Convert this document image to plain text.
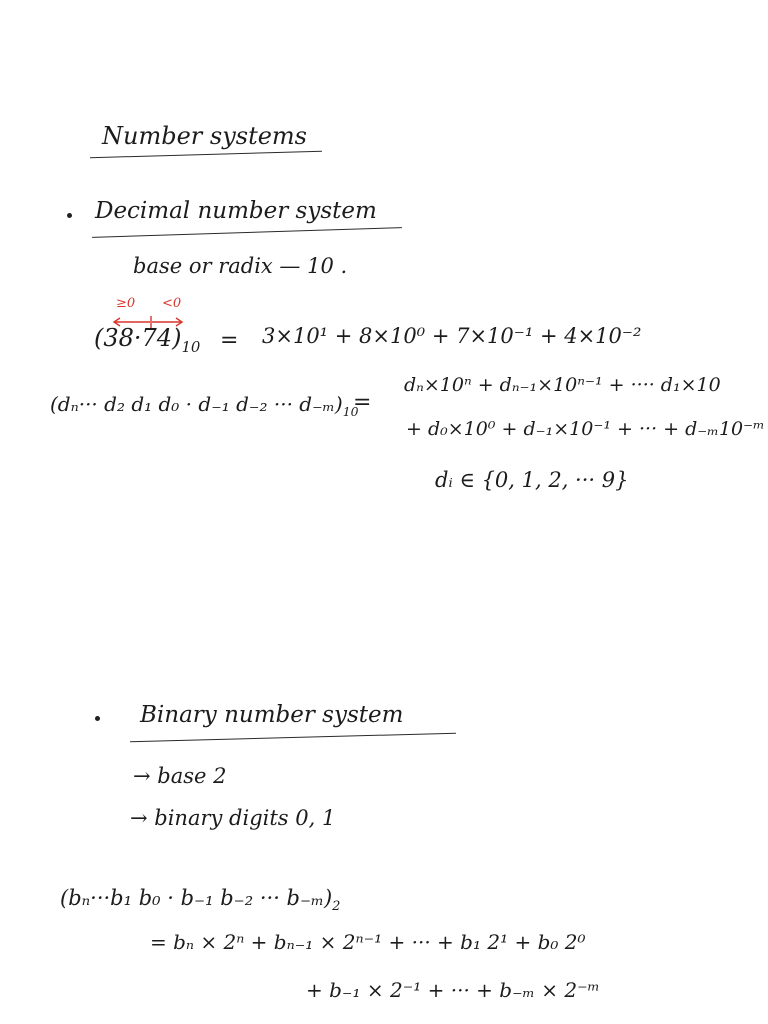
Number systems
Decimal number system
base or radix — 10 .
≥0 <0
$(38\cdot 74)_{10} = 3\times 10^1 + 8\times 10^0 + 7\times 10^{-1} + 4\times 10^{-2}$
(dₙ··· d₂ d₁ d₀ · d₋₁ d₋₂ ··· $d_{-m})_{10}$
=
dₙ×10ⁿ + dₙ₋₁×10ⁿ⁻¹ + ···· d₁×10
+ d₀×10⁰ + d₋₁×10⁻¹ + ··· + d₋ₘ10⁻ᵐ
dᵢ ∈ {0, 1, 2, ··· 9}
Binary number system
→ base 2
→ binary digits 0, 1
(bₙ···b₁ b₀ · b₋₁ b₋₂ ··· $b_{-m})_2$
= bₙ × 2ⁿ + bₙ₋₁ × 2ⁿ⁻¹ + ··· + b₁ 2¹ + b₀ 2⁰
+ b₋₁ × 2⁻¹ + ··· + b₋ₘ × 2⁻ᵐ
